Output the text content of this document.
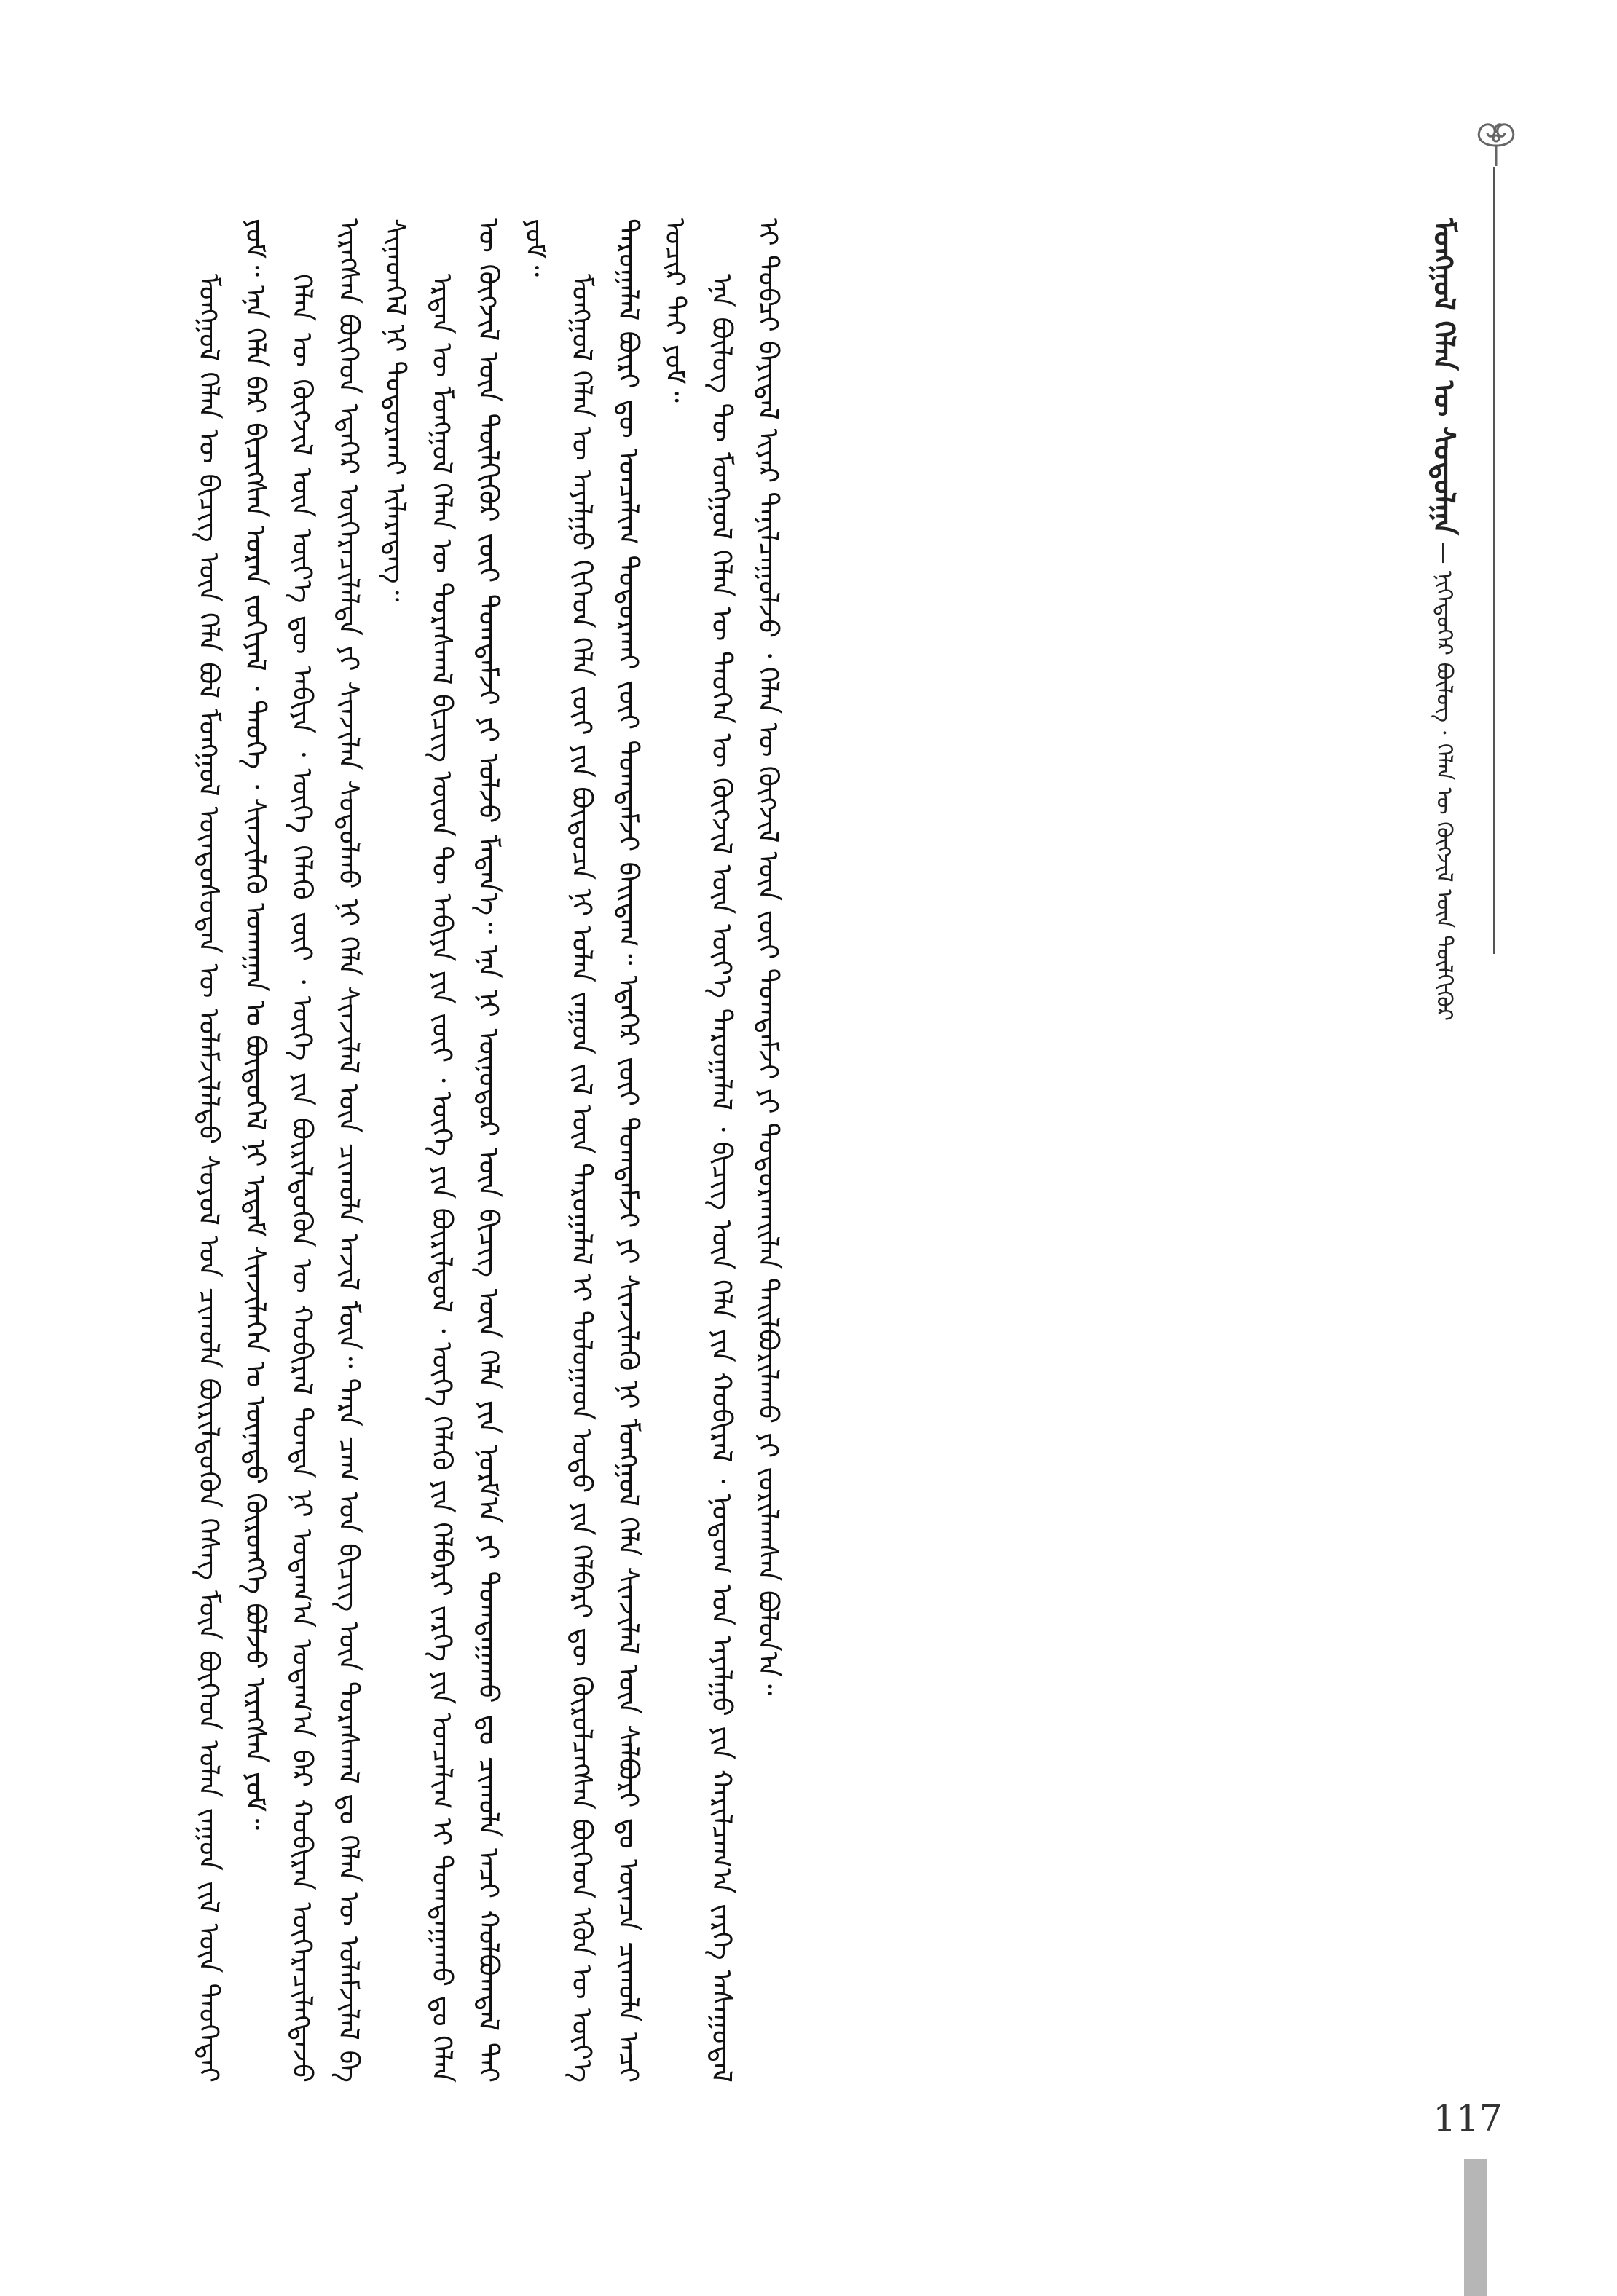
ᠮᠣᠩᠭᠣᠯ ᠬᠡᠯᠡᠨ ᠦ ᠰᠤᠳᠤᠯᠭᠠ — ᠨᠢᠭᠡᠳᠦᠭᠡᠷ ᠪᠦᠯᠦᠭ · ᠬᠡᠯᠡᠨ ᠦ ᠬᠥᠭᠵᠢᠯ ᠦᠨ ᠲᠦᠯᠬᠢᠭᠦᠷ

ᠮᠣᠩᠭᠣᠯ ᠬᠡᠯᠡᠨ ᠦ ᠪᠢᠴᠢᠭ ᠦᠨ ᠬᠡᠯᠡ ᠪᠣᠯ ᠮᠣᠩᠭᠣᠯ ᠦᠨᠳᠦᠰᠦᠲᠡᠨ ᠦ ᠤᠯᠠᠮᠵᠢᠯᠠᠯᠲᠤ ᠰᠣᠶᠣᠯ ᠤᠨ ᠴᠢᠬᠤᠯᠠ ᠪᠦᠷᠢᠯᠳᠦᠬᠦᠨ ᠬᠡᠰᠡᠭ ᠮᠥᠨ ᠪᠥᠭᠡᠳ ᠣᠯᠠᠨ ᠵᠠᠭᠤᠨ ᠵᠢᠯ ᠦᠨ ᠲᠡᠦᠬᠡᠲᠡᠢ ᠶᠤᠮ᠃ ᠡᠨᠡ ᠬᠡᠯᠡ ᠪᠡᠷ ᠪᠢᠴᠢᠭᠰᠡᠨ ᠤᠷᠠᠨ ᠵᠣᠬᠢᠶᠠᠯ ᠂ ᠲᠡᠦᠬᠡ ᠂ ᠰᠢᠨᠵᠢᠯᠡᠬᠦ ᠤᠬᠠᠭᠠᠨ ᠤ ᠪᠦᠲᠦᠭᠡᠯ ᠨᠢ ᠡᠷᠳᠡᠮ ᠰᠢᠨᠵᠢᠯᠡᠬᠡᠨ ᠤ ᠦᠨᠡᠲᠦ ᠬᠥᠷᠥᠩᠭᠡ ᠪᠣᠯᠵᠤ ᠢᠷᠡᠭᠰᠡᠨ ᠶᠤᠮ᠃ ᠬᠡᠯᠡᠨ ᠦ ᠬᠥᠭᠵᠢᠯ ᠦᠨ ᠦᠶ᠎ᠡ ᠳᠦ ᠠᠪᠢᠶᠠ ᠂ ᠦᠭᠡ ᠬᠡᠯᠡᠬᠦ ᠵᠦᠢ ᠂ ᠦᠭᠡ ᠶᠢᠨ ᠪᠦᠷᠢᠯᠳᠦᠬᠦᠨ ᠦ ᠬᠤᠪᠢᠷᠠᠯ ᠳᠤᠨᠳᠠ ᠨᠢ ᠤᠳᠠᠭ᠎ᠠ ᠤᠳᠠᠭ᠎ᠠ ᠪᠠᠷ ᠬᠤᠪᠢᠷᠠᠨ ᠥᠭᠡᠷᠡᠴᠢᠯᠡᠭᠳᠡᠵᠦ ᠢᠷᠡᠭᠰᠡᠨ ᠪᠥᠭᠡᠳ ᠡᠳᠡᠭᠡᠷ ᠥᠭᠡᠷᠡᠴᠢᠯᠡᠯᠲᠡ ᠶᠢ ᠰᠢᠨᠵᠢᠯᠡᠨ ᠰᠤᠳᠤᠯᠬᠤ ᠨᠢ ᠬᠡᠯᠡ ᠰᠢᠨᠵᠢᠯᠡᠯ ᠦᠨ ᠴᠢᠬᠤᠯᠠ ᠠᠵᠢᠯ ᠮᠥᠨ᠃ ᠲᠡᠷᠡ ᠴᠠᠭ ᠤᠨ ᠪᠢᠴᠢᠭ ᠦᠨ ᠳᠤᠷᠠᠰᠬᠠᠯ ᠳᠤ ᠬᠡᠯᠡᠨ ᠦ ᠤᠯᠠᠮᠵᠢᠯᠠᠯ ᠪᠠ ᠰᠢᠨᠡᠳᠬᠡᠯ ᠨᠢ ᠲᠣᠳᠣᠷᠬᠠᠢ ᠢᠯᠡᠷᠡᠳᠡᠭ᠃ ᠡᠷᠲᠡᠨ ᠦ ᠮᠣᠩᠭᠣᠯ ᠬᠡᠯᠡᠨ ᠦ ᠳᠤᠷᠠᠰᠬᠠᠯ ᠪᠢᠴᠢᠭ ᠦᠳ ᠲᠦ ᠠᠪᠢᠶᠠ ᠶᠢᠨ ᠵᠦᠢ ᠂ ᠦᠭᠡ ᠶᠢᠨ ᠪᠦᠷᠢᠯᠳᠦᠯ ᠂ ᠦᠭᠡ ᠬᠡᠯᠡᠬᠦ ᠶᠢᠨ ᠬᠡᠯᠪᠡᠷᠢ ᠵᠡᠷᠭᠡ ᠶᠢᠨ ᠣᠨᠴᠠᠯᠢᠭ ᠢ ᠲᠣᠭᠲᠠᠭᠠᠬᠤ ᠳᠤ ᠬᠡᠯᠡᠨ ᠦ ᠬᠥᠭᠵᠢᠯ ᠦᠨ ᠲᠦᠯᠬᠢᠭᠦᠷ ᠵᠦᠢ ᠲᠣᠭᠲᠠᠮᠵᠢ ᠶᠢ ᠣᠯᠵᠤ ᠮᠡᠳᠡᠨ᠎ᠡ᠃ ᠡᠨᠡ ᠨᠢ ᠥᠨᠥᠳᠥᠷ ᠦᠨ ᠪᠢᠴᠢᠭ ᠦᠨ ᠬᠡᠯᠡ ᠶᠢᠨ ᠨᠣᠷᠮ᠎ᠠ ᠶᠢ ᠲᠣᠭᠲᠠᠭᠠᠬᠤ ᠳᠤ ᠴᠢᠬᠤᠯᠠ ᠠᠴᠢ ᠬᠣᠯᠪᠣᠭᠳᠠᠯ ᠲᠠᠢ ᠶᠤᠮ᠃

ᠮᠣᠩᠭᠣᠯ ᠬᠡᠯᠡᠨ ᠦ ᠠᠶᠠᠯᠭᠤ ᠬᠢᠭᠡᠳ ᠬᠡᠯᠡ ᠵᠦᠢ ᠶᠢᠨ ᠪᠦᠲᠦᠴᠡ ᠨᠢ ᠣᠯᠠᠨ ᠵᠠᠭᠤᠨ ᠵᠢᠯ ᠦᠨ ᠳᠠᠷᠤᠭᠠᠯᠠᠯ ᠢ ᠲᠤᠯᠤᠭᠠᠳ ᠣᠳᠣ ᠶᠢᠨ ᠬᠡᠯᠪᠡᠷᠢ ᠳᠦ ᠬᠦᠷᠦᠯᠴᠡᠭᠰᠡᠨ ᠪᠥᠭᠡᠳ ᠡᠭᠦᠨ ᠦ ᠦᠶ᠎ᠡ ᠳᠠᠷᠤᠭᠠᠯᠠᠯ ᠪᠦᠷᠢ ᠳᠦ ᠤᠨᠴᠠᠯᠢᠭ ᠲᠣᠳᠣᠷᠬᠠᠢ ᠵᠦᠢ ᠲᠣᠭᠲᠠᠮᠵᠢ ᠪᠠᠢᠳᠠᠭ᠃ ᠡᠳᠡᠭᠡᠷ ᠵᠦᠢ ᠲᠣᠭᠲᠠᠮᠵᠢ ᠶᠢ ᠰᠢᠨᠵᠢᠯᠡᠬᠦ ᠨᠢ ᠮᠣᠩᠭᠣᠯ ᠬᠡᠯᠡ ᠰᠢᠨᠵᠢᠯᠡᠯ ᠦᠨ ᠰᠠᠯᠪᠤᠷᠢ ᠳᠤ ᠥᠨᠴᠡ ᠴᠢᠬᠤᠯᠠ ᠠᠴᠢ ᠤᠴᠢᠷ ᠲᠠᠢ ᠶᠤᠮ᠃ ᠡᠨᠡ ᠪᠦᠯᠦᠭ ᠲᠦ ᠮᠣᠩᠭᠣᠯ ᠬᠡᠯᠡᠨ ᠦ ᠲᠡᠦᠬᠡᠨ ᠦ ᠬᠥᠭᠵᠢᠯ ᠦᠨ ᠦᠶ᠎ᠡ ᠳᠠᠷᠤᠭᠠᠯᠠᠯ ᠂ ᠪᠢᠴᠢᠭ ᠦᠨ ᠬᠡᠯᠡ ᠶᠢᠨ ᠬᠤᠪᠢᠷᠠᠯ ᠂ ᠨᠤᠲᠤᠭ ᠤᠨ ᠠᠶᠠᠯᠭᠤ ᠶᠢᠨ ᠬᠠᠷᠢᠯᠴᠠᠭ᠎ᠠ ᠵᠡᠷᠭᠡ ᠠᠰᠠᠭᠤᠳᠠᠯ ᠢ ᠲᠣᠪᠴᠢ ᠪᠠᠶᠢᠳᠠᠯ ᠢᠶᠠᠷ ᠲᠠᠨᠢᠯᠴᠠᠭᠤᠯᠵᠤ ᠂ ᠬᠡᠯᠡᠨ ᠦ ᠬᠥᠭᠵᠢᠯ ᠦᠨ ᠵᠦᠢ ᠲᠣᠭᠲᠠᠮᠵᠢ ᠶᠢ ᠲᠣᠳᠣᠷᠬᠠᠢᠯᠠᠨ ᠲᠠᠢᠯᠪᠤᠷᠢᠯᠠᠬᠤ ᠶᠢ ᠵᠣᠷᠢᠯᠠᠭᠰᠠᠨ ᠪᠣᠯᠤᠨ᠎ᠠ᠃

117
